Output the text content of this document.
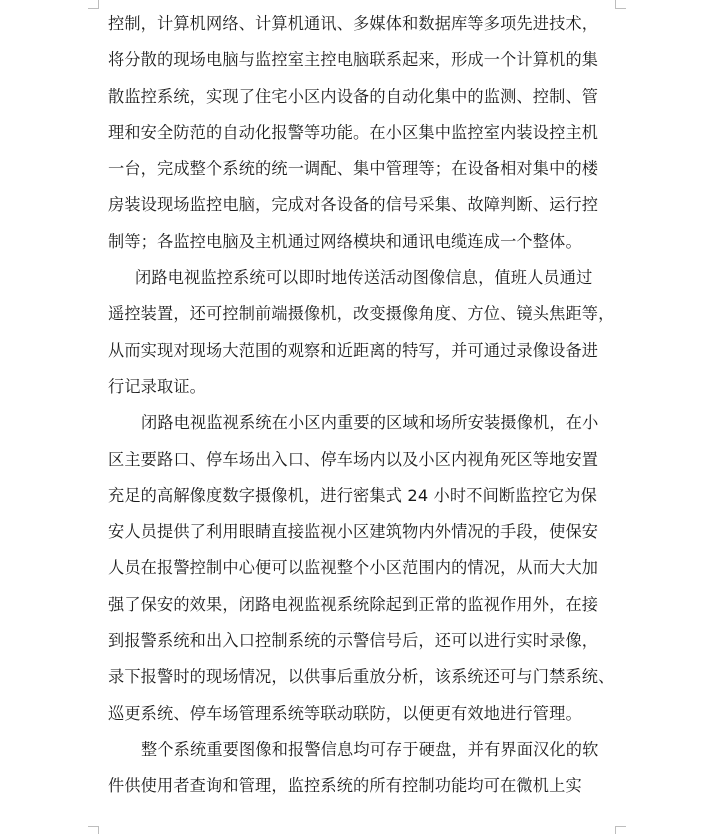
控制，计算机网络、计算机通讯、多媒体和数据库等多项先进技术，
将分散的现场电脑与监控室主控电脑联系起来，形成一个计算机的集
散监控系统，实现了住宅小区内设备的自动化集中的监测、控制、管
理和安全防范的自动化报警等功能。在小区集中监控室内装设控主机
一台，完成整个系统的统一调配、集中管理等；在设备相对集中的楼
房装设现场监控电脑，完成对各设备的信号采集、故障判断、运行控
制等；各监控电脑及主机通过网络模块和通讯电缆连成一个整体。
闭路电视监控系统可以即时地传送活动图像信息，值班人员通过
遥控装置，还可控制前端摄像机，改变摄像角度、方位、镜头焦距等，
从而实现对现场大范围的观察和近距离的特写，并可通过录像设备进
行记录取证。
闭路电视监视系统在小区内重要的区域和场所安装摄像机，在小
区主要路口、停车场出入口、停车场内以及小区内视角死区等地安置
充足的高解像度数字摄像机，进行密集式 24 小时不间断监控它为保
安人员提供了利用眼睛直接监视小区建筑物内外情况的手段，使保安
人员在报警控制中心便可以监视整个小区范围内的情况，从而大大加
强了保安的效果，闭路电视监视系统除起到正常的监视作用外，在接
到报警系统和出入口控制系统的示警信号后，还可以进行实时录像，
录下报警时的现场情况，以供事后重放分析，该系统还可与门禁系统、
巡更系统、停车场管理系统等联动联防，以便更有效地进行管理。
整个系统重要图像和报警信息均可存于硬盘，并有界面汉化的软
件供使用者查询和管理，监控系统的所有控制功能均可在微机上实
